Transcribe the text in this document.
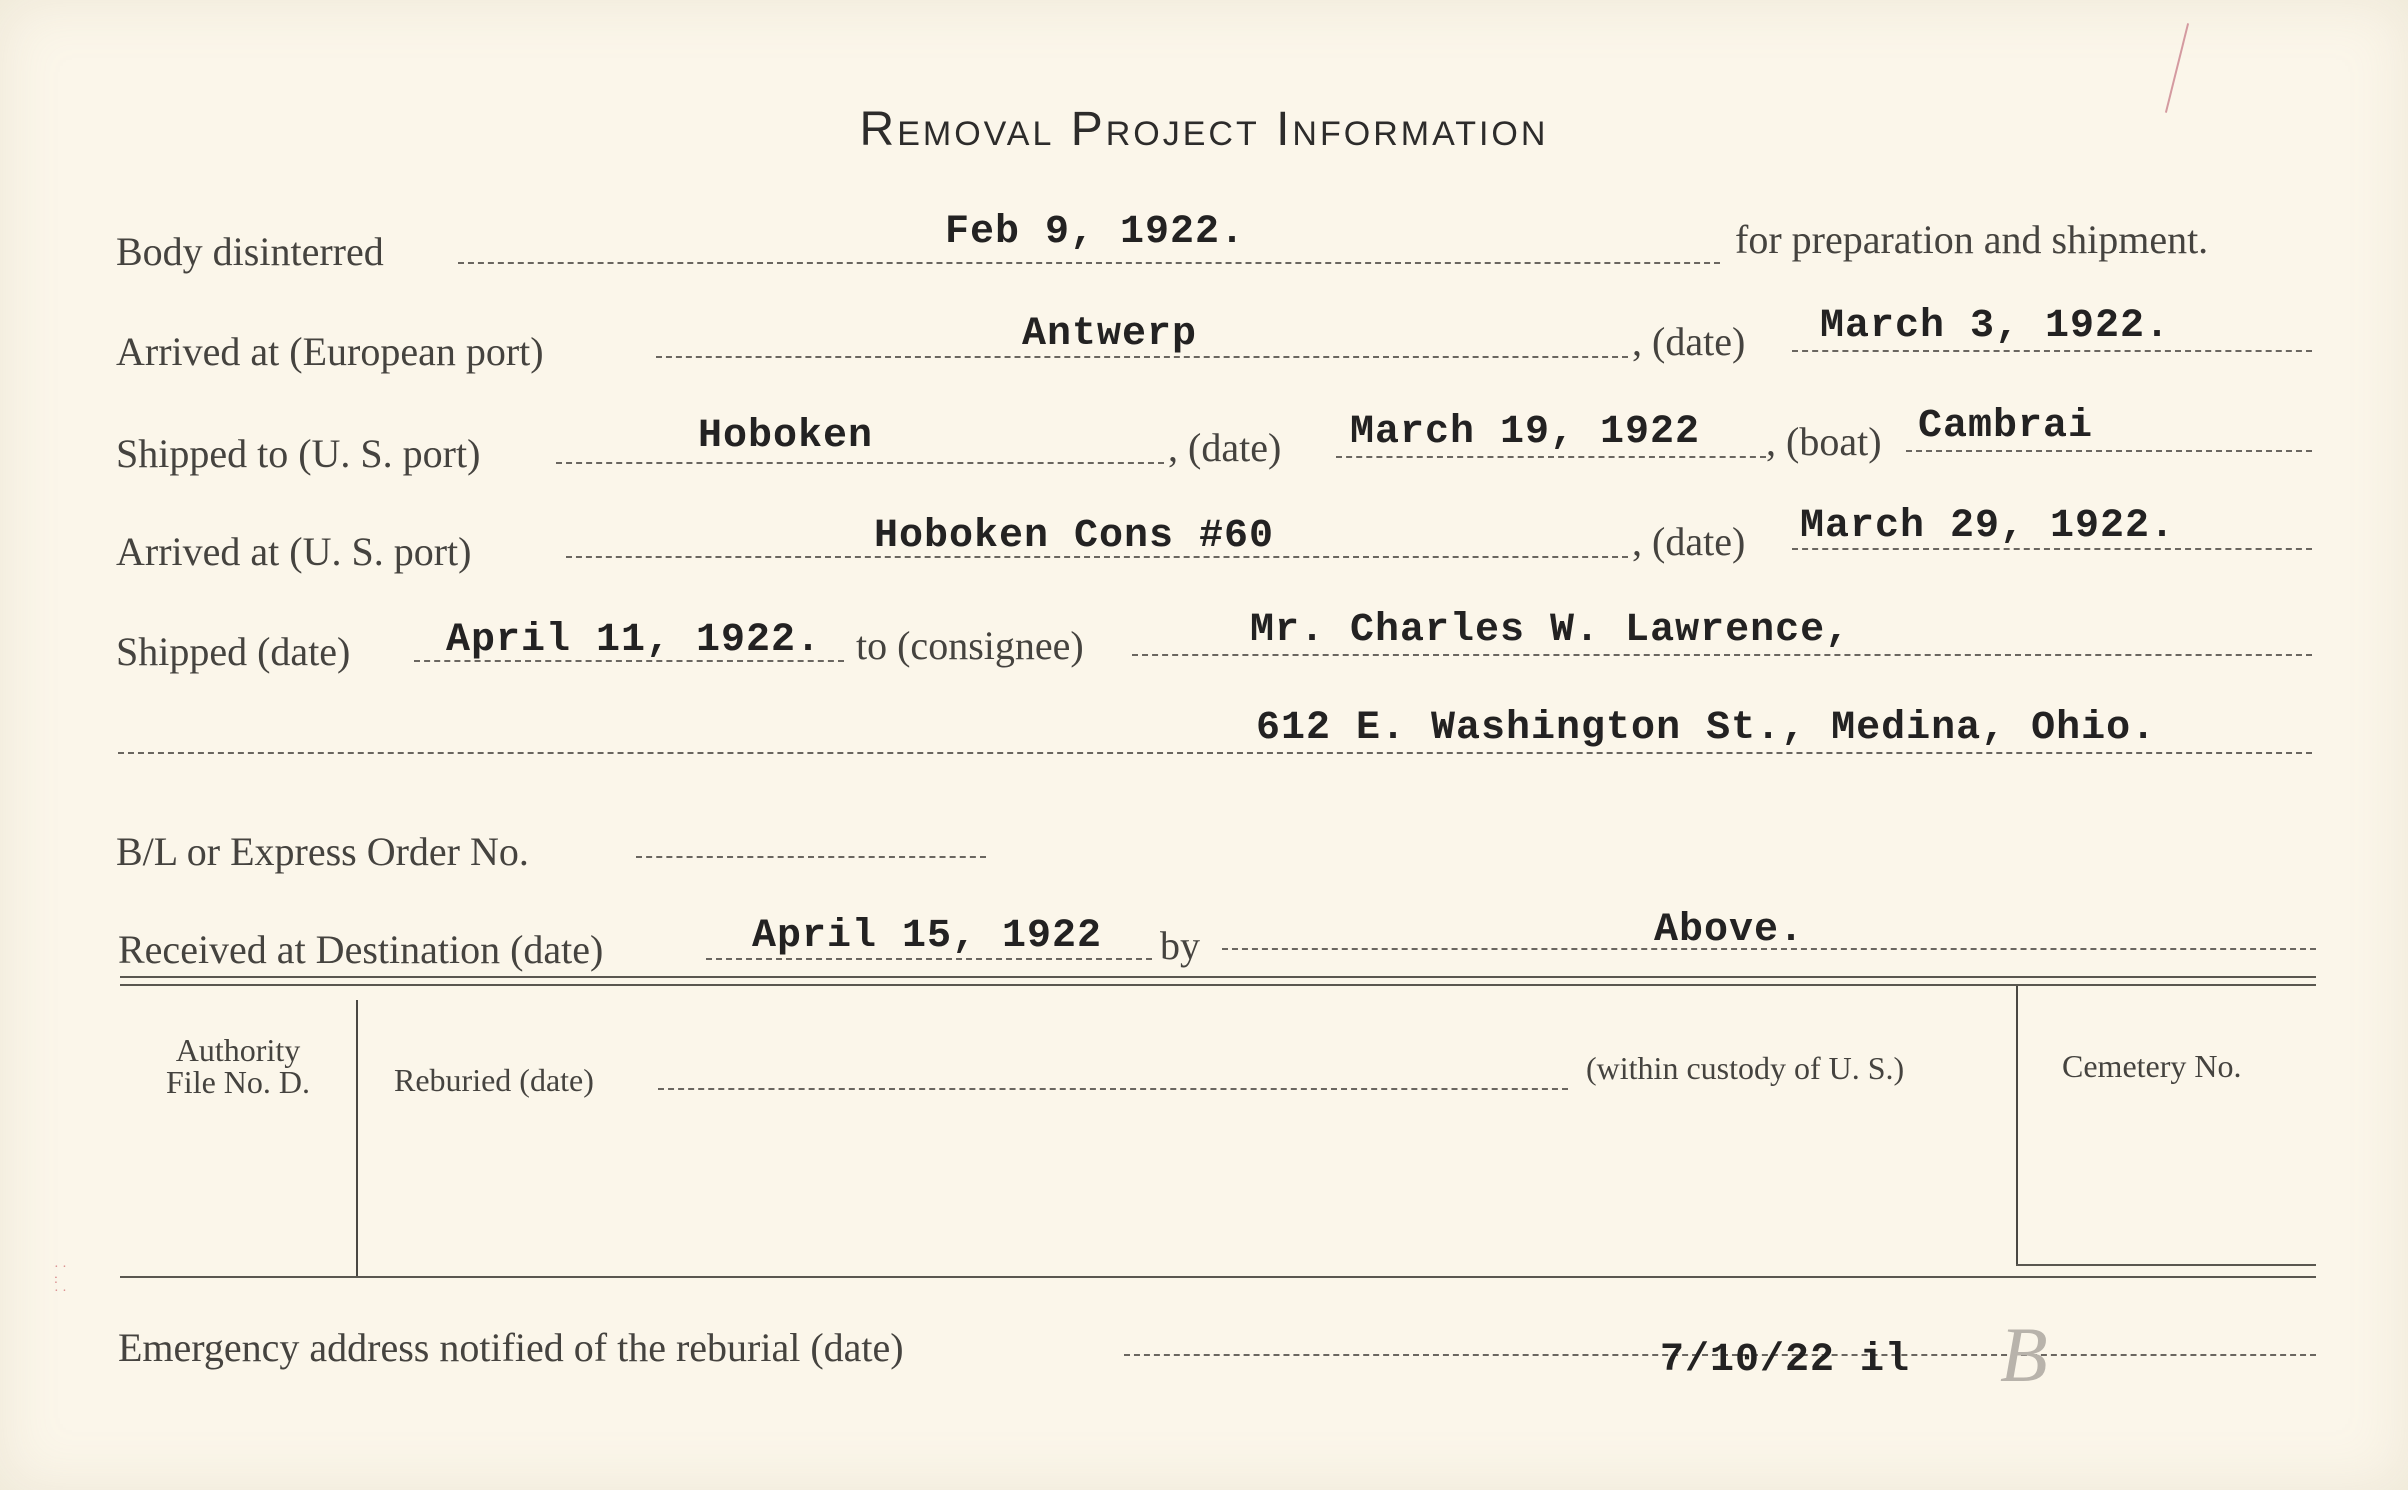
Removal Project Information
Body disinterred	Feb 9, 1922.	for preparation and shipment.
Arrived at (European port)	Antwerp	, (date) March 3, 1922.
Shipped to (U. S. port)	Hoboken	, (date) March 19, 1922 , (boat) Cambrai
Arrived at (U. S. port)	Hoboken Cons #60	, (date) March 29, 1922.
Shipped (date) April 11, 1922. to (consignee)	Mr. Charles W. Lawrence,
612 E. Washington St., Medina, Ohio.
B/L or Express Order No.
Received at Destination (date)	April 15, 1922 by	Above.
Authority
File No. D.	Reburied (date)	(within custody of U. S.)	Cemetery No.
Emergency address notified of the reburial (date)	7/10/22 il B
· ·
:
· ·
